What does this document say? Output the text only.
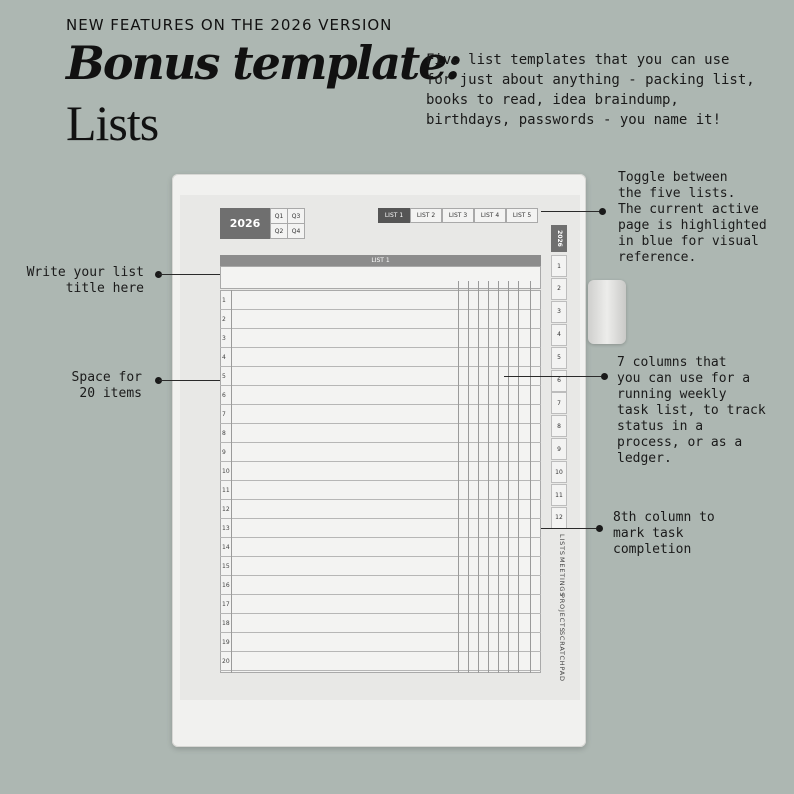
NEW FEATURES ON THE 2026 VERSION
Bonus template:
Lists
Five list templates that you can use
for just about anything - packing list,
books to read, idea braindump,
birthdays, passwords - you name it!
2026
Q1	Q3
Q2	Q4
LIST 1	LIST 2	LIST 3	LIST 4	LIST 5
2026
1
2
3
4
5
6
7
8
9
10
11
12
LISTS
MEETINGS
PROJECTS
SCRATCHPAD
LIST 1
1
2
3
4
5
6
7
8
9
10
11
12
13
14
15
16
17
18
19
20
Toggle between
the five lists.
The current active
page is highlighted
in blue for visual
reference.
Write your list
title here
Space for
20 items
7 columns that
you can use for a
running weekly
task list, to track
status in a
process, or as a
ledger.
8th column to
mark task
completion
